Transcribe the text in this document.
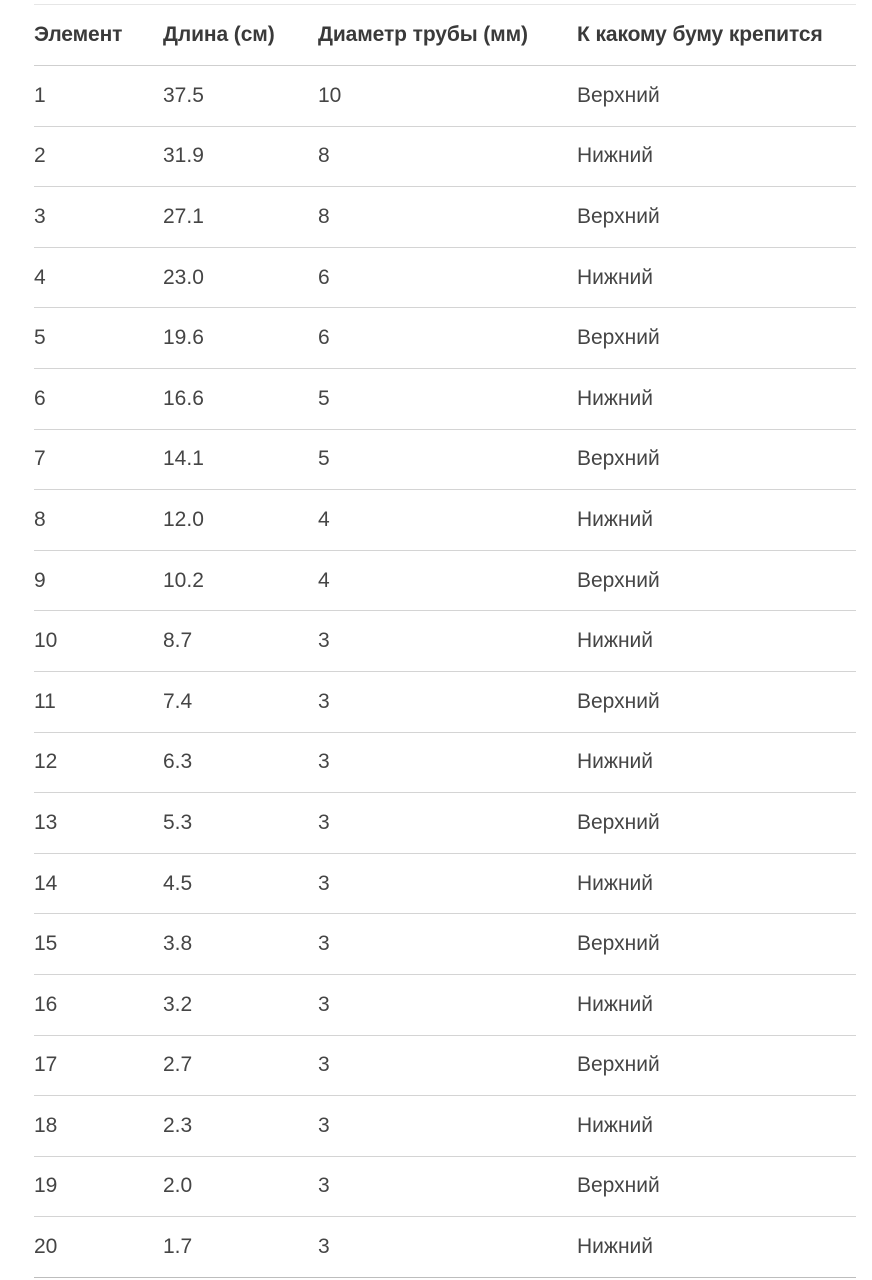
Элемент	Длина (см)	Диаметр трубы (мм)	К какому буму крепится
1	37.5	10	Верхний
2	31.9	8	Нижний
3	27.1	8	Верхний
4	23.0	6	Нижний
5	19.6	6	Верхний
6	16.6	5	Нижний
7	14.1	5	Верхний
8	12.0	4	Нижний
9	10.2	4	Верхний
10	8.7	3	Нижний
11	7.4	3	Верхний
12	6.3	3	Нижний
13	5.3	3	Верхний
14	4.5	3	Нижний
15	3.8	3	Верхний
16	3.2	3	Нижний
17	2.7	3	Верхний
18	2.3	3	Нижний
19	2.0	3	Верхний
20	1.7	3	Нижний
